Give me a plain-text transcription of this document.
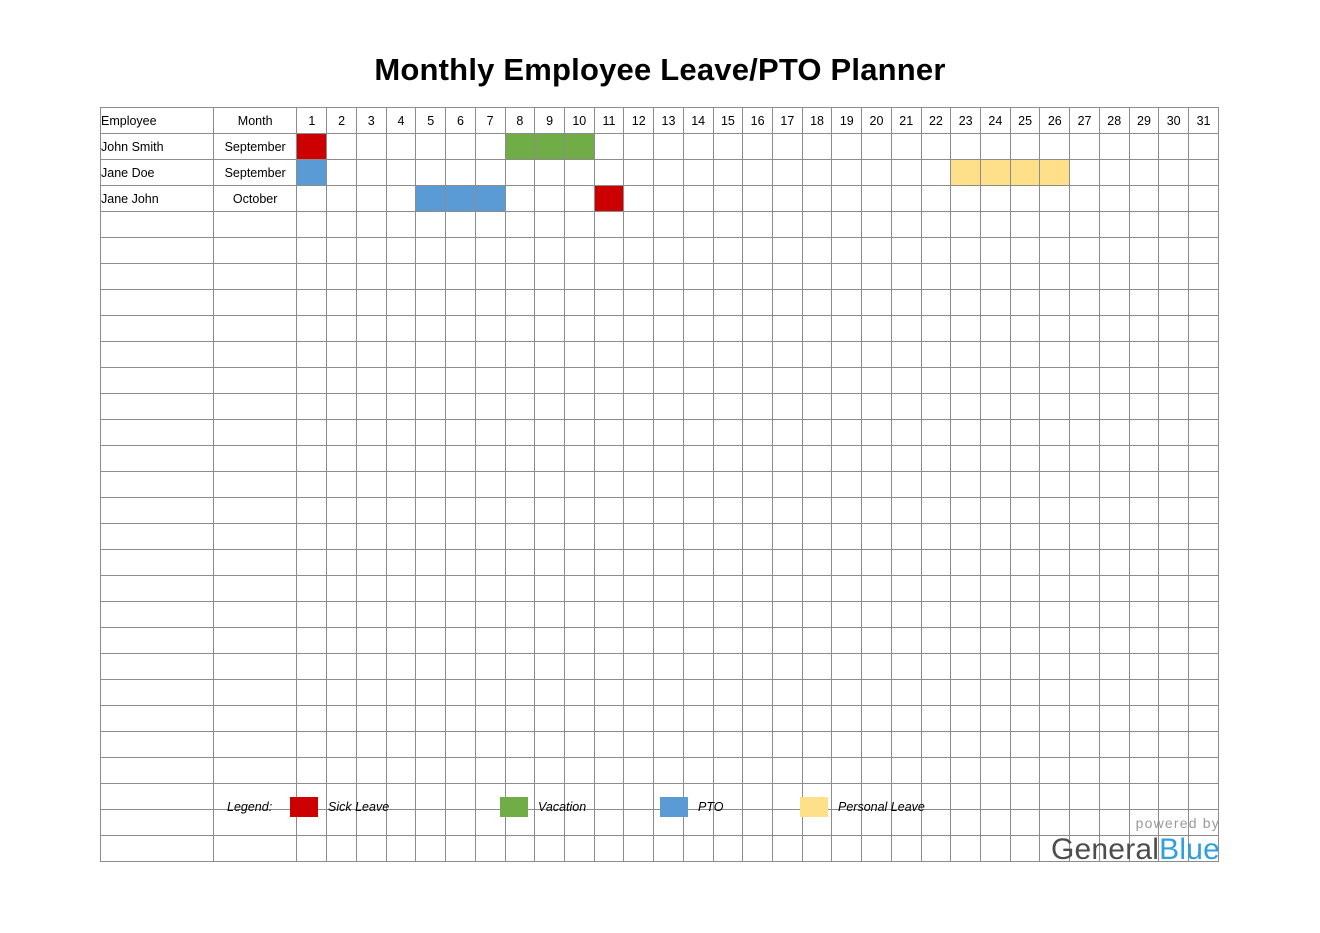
Monthly Employee Leave/PTO Planner
Employee	Month	1	2	3	4	5	6	7	8	9	10	11	12	13	14	15	16	17	18	19	20	21	22	23	24	25	26	27	28	29	30	31
John Smith	September	

Jane Doe	September	

Jane John	October					

Legend:	Sick Leave	Vacation	PTO	Personal Leave
powered by
GeneralBlue
